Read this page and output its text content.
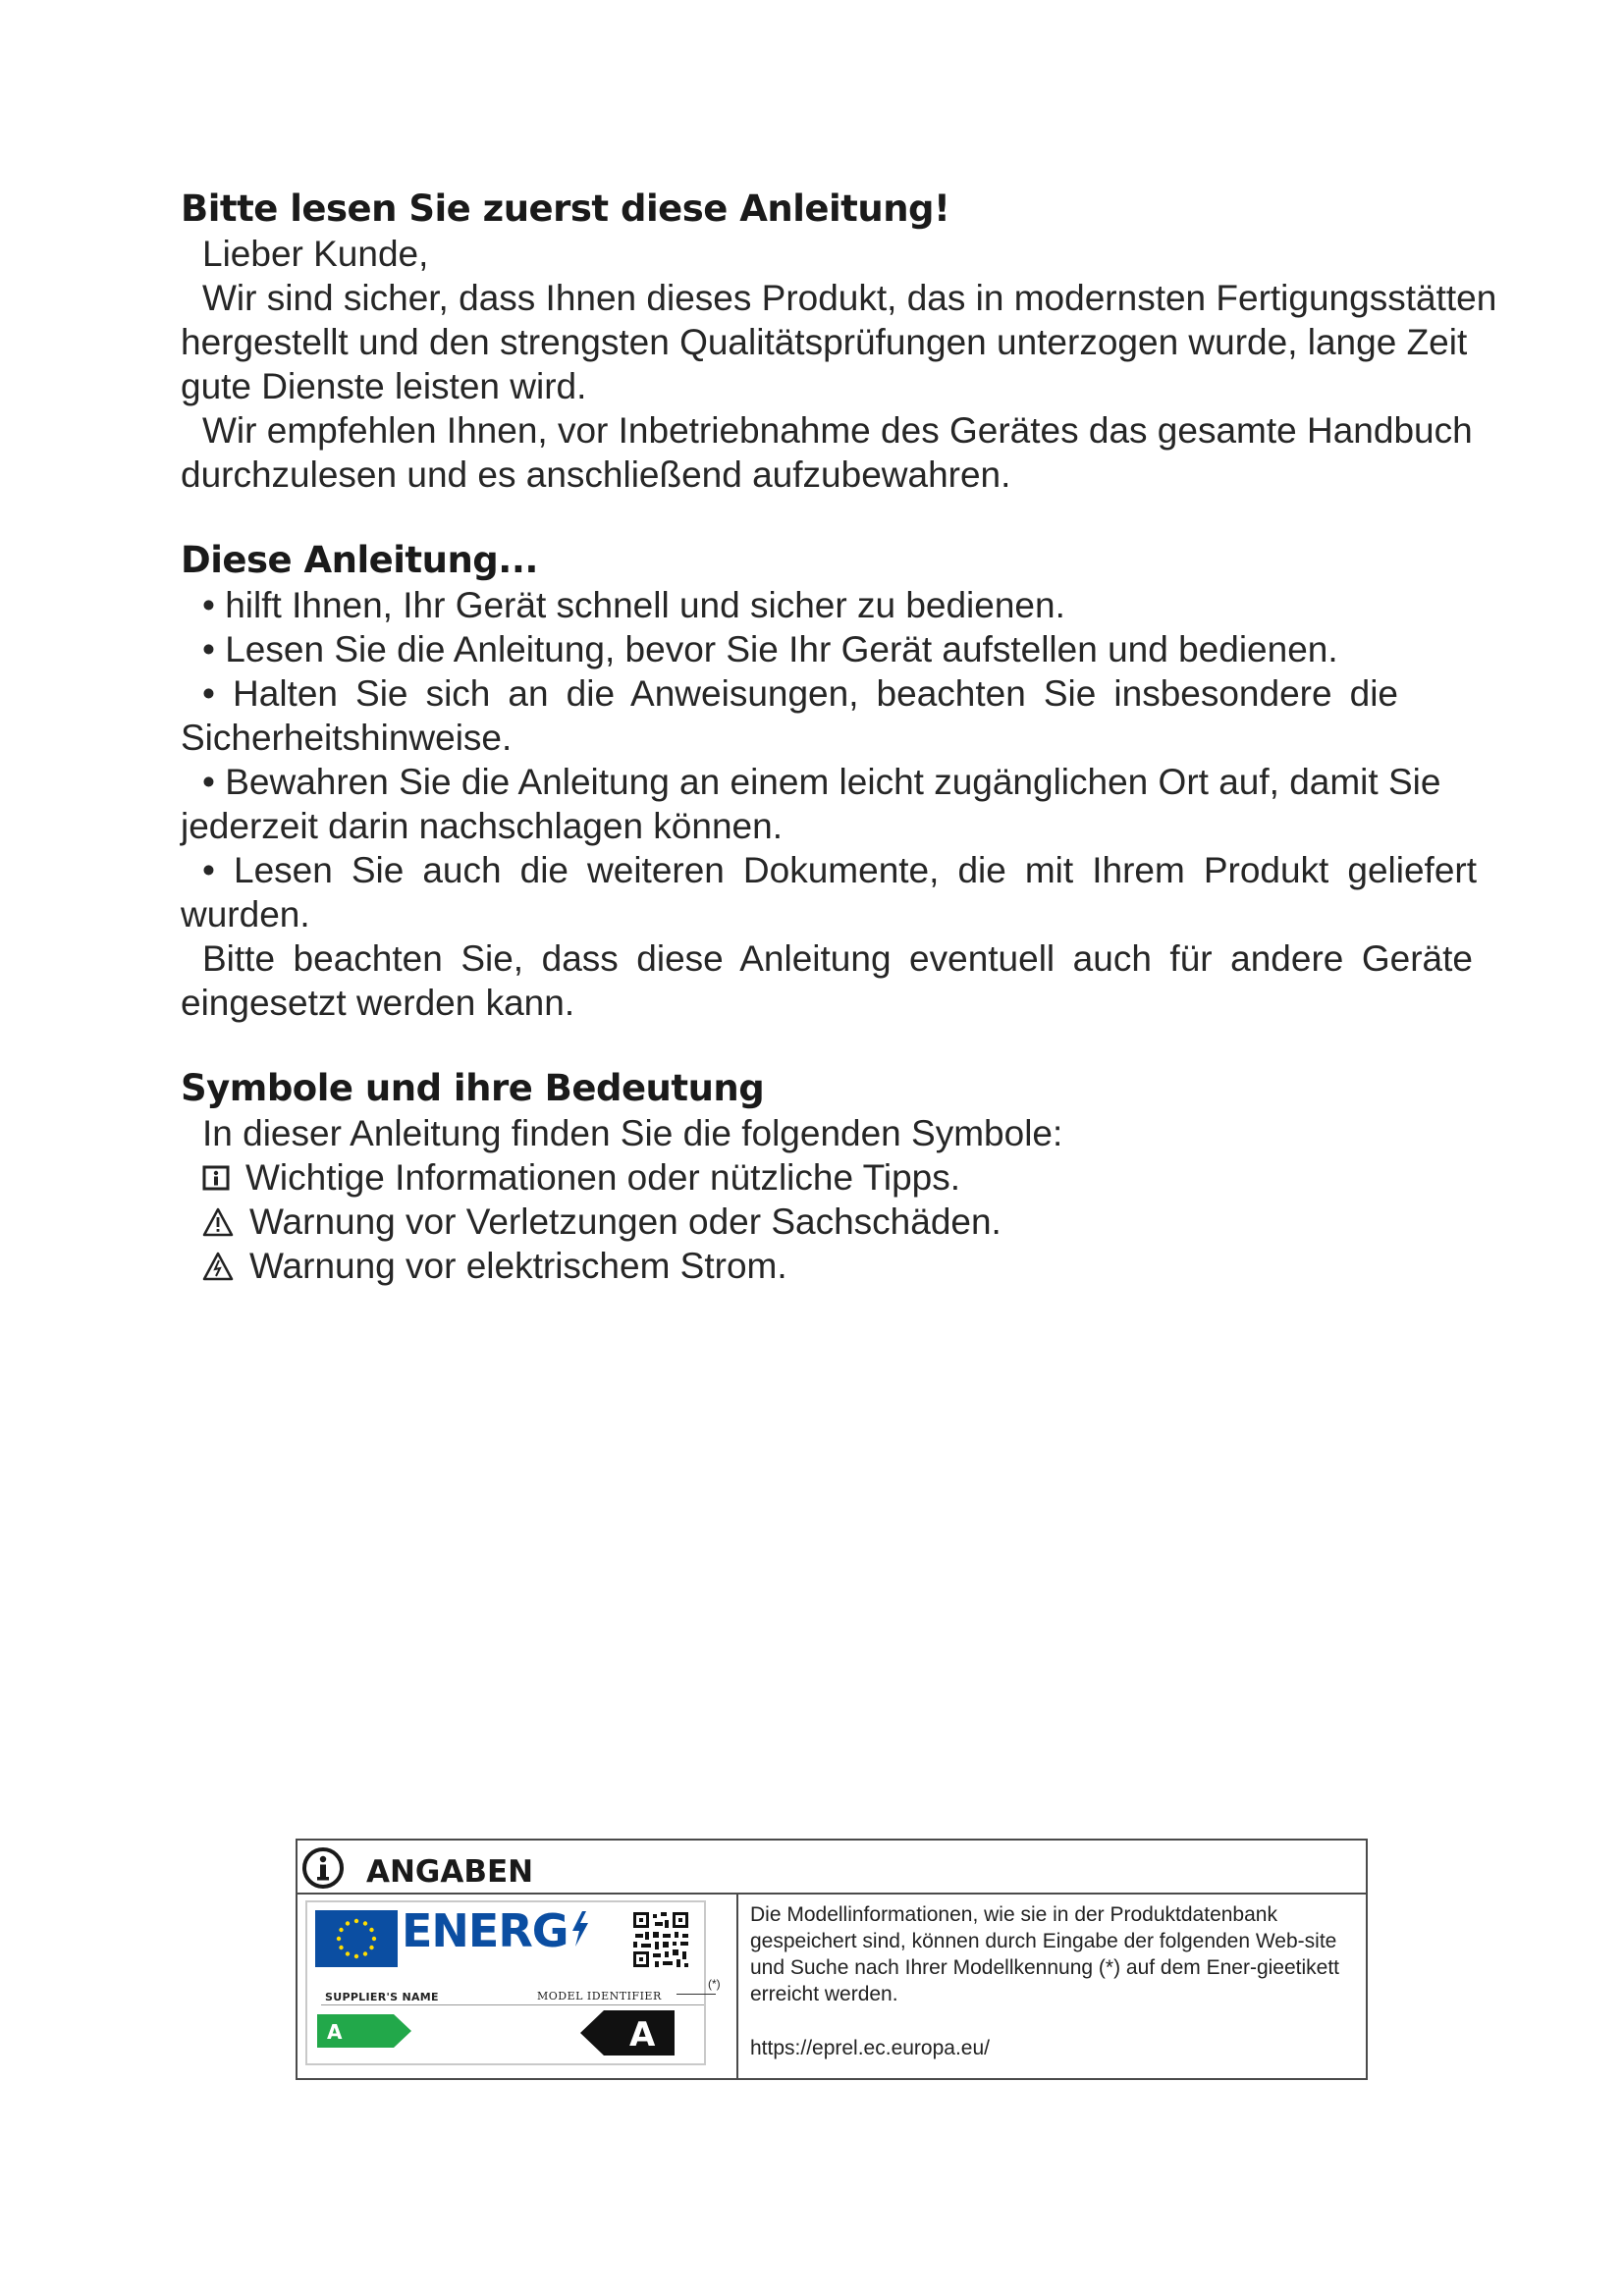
Bitte lesen Sie zuerst diese Anleitung!

Lieber Kunde,

Wir sind sicher, dass Ihnen dieses Produkt, das in modernsten Fertigungsstätten hergestellt und den strengsten Qualitätsprüfungen unterzogen wurde, lange Zeit gute Dienste leisten wird.

Wir empfehlen Ihnen, vor Inbetriebnahme des Gerätes das gesamte Handbuch durchzulesen und es anschließend aufzubewahren.

Diese Anleitung...

• hilft Ihnen, Ihr Gerät schnell und sicher zu bedienen.

• Lesen Sie die Anleitung, bevor Sie Ihr Gerät aufstellen und bedienen.

• Halten Sie sich an die Anweisungen, beachten Sie insbesondere die Sicherheitshinweise.

• Bewahren Sie die Anleitung an einem leicht zugänglichen Ort auf, damit Sie jederzeit darin nachschlagen können.

• Lesen Sie auch die weiteren Dokumente, die mit Ihrem Produkt geliefert wurden.

Bitte beachten Sie, dass diese Anleitung eventuell auch für andere Geräte eingesetzt werden kann.

Symbole und ihre Bedeutung

In dieser Anleitung finden Sie die folgenden Symbole:

Wichtige Informationen oder nützliche Tipps.
Warnung vor Verletzungen oder Sachschäden.
Warnung vor elektrischem Strom.
ANGABEN
ENERG
SUPPLIER'S NAME	MODEL IDENTIFIER
A	A
(*)
Die Modellinformationen, wie sie in der Produktdatenbank gespeichert sind, können durch Eingabe der folgenden Web-site und Suche nach Ihrer Modellkennung (*) auf dem Ener-gieetikett erreicht werden.
https://eprel.ec.europa.eu/
